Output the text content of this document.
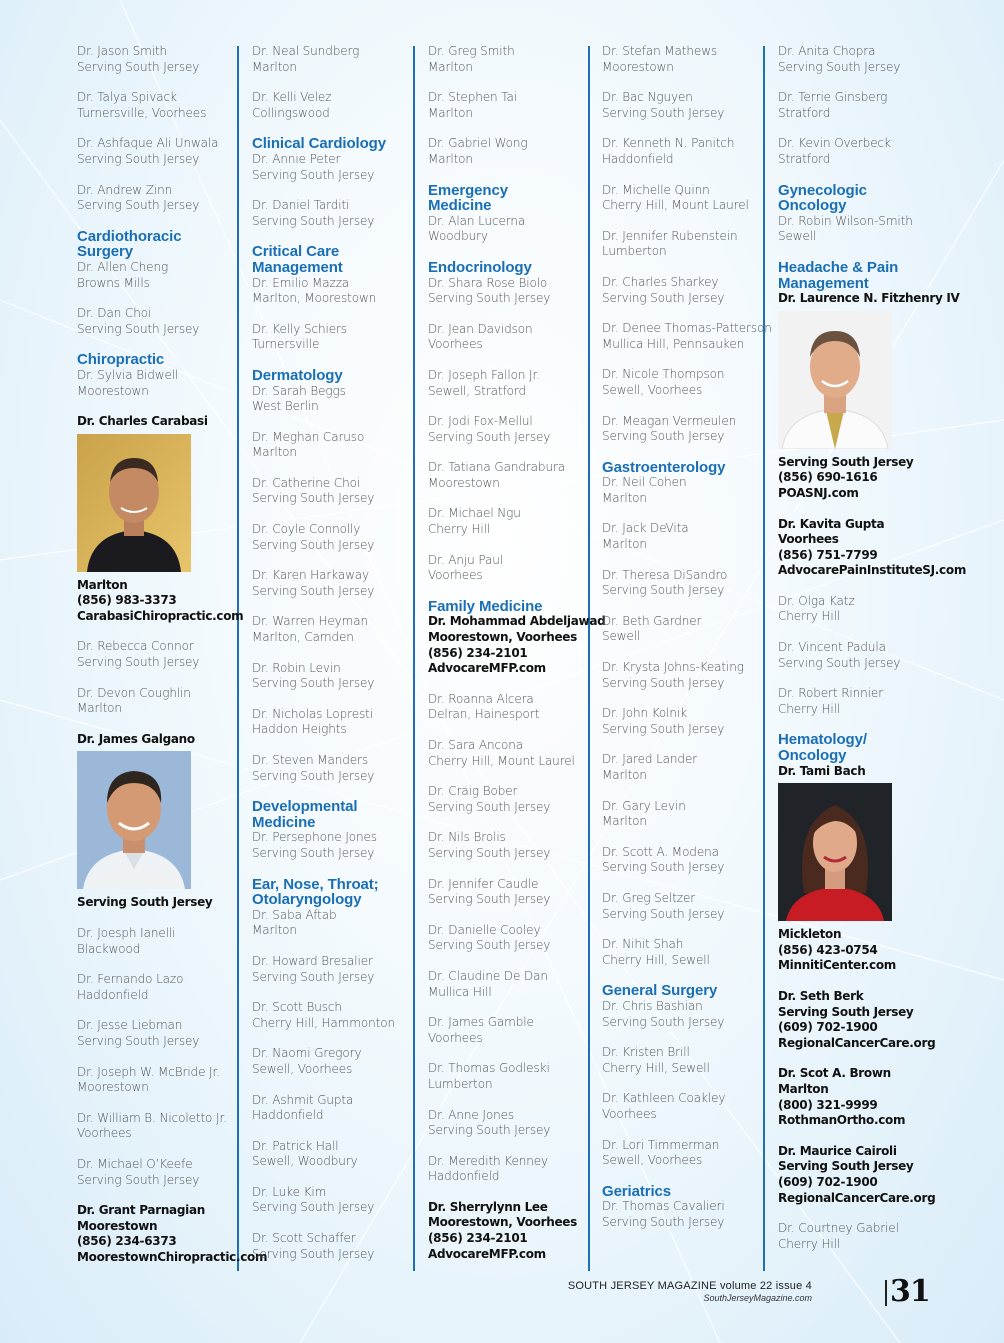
Dr. Jason Smith
Serving South Jersey
Dr. Talya Spivack
Turnersville, Voorhees
Dr. Ashfaque Ali Unwala
Serving South Jersey
Dr. Andrew Zinn
Serving South Jersey
Cardiothoracic
Surgery
Dr. Allen Cheng
Browns Mills
Dr. Dan Choi
Serving South Jersey
Chiropractic
Dr. Sylvia Bidwell
Moorestown
Dr. Charles Carabasi
Marlton
(856) 983-3373
CarabasiChiropractic.com
Dr. Rebecca Connor
Serving South Jersey
Dr. Devon Coughlin
Marlton
Dr. James Galgano
Serving South Jersey
Dr. Joesph Ianelli
Blackwood
Dr. Fernando Lazo
Haddonfield
Dr. Jesse Liebman
Serving South Jersey
Dr. Joseph W. McBride Jr.
Moorestown
Dr. William B. Nicoletto Jr.
Voorhees
Dr. Michael O’Keefe
Serving South Jersey
Dr. Grant Parnagian
Moorestown
(856) 234-6373
MoorestownChiropractic.com
Dr. Neal Sundberg
Marlton
Dr. Kelli Velez
Collingswood
Clinical Cardiology
Dr. Annie Peter
Serving South Jersey
Dr. Daniel Tarditi
Serving South Jersey
Critical Care
Management
Dr. Emilio Mazza
Marlton, Moorestown
Dr. Kelly Schiers
Turnersville
Dermatology
Dr. Sarah Beggs
West Berlin
Dr. Meghan Caruso
Marlton
Dr. Catherine Choi
Serving South Jersey
Dr. Coyle Connolly
Serving South Jersey
Dr. Karen Harkaway
Serving South Jersey
Dr. Warren Heyman
Marlton, Camden
Dr. Robin Levin
Serving South Jersey
Dr. Nicholas Lopresti
Haddon Heights
Dr. Steven Manders
Serving South Jersey
Developmental
Medicine
Dr. Persephone Jones
Serving South Jersey
Ear, Nose, Throat;
Otolaryngology
Dr. Saba Aftab
Marlton
Dr. Howard Bresalier
Serving South Jersey
Dr. Scott Busch
Cherry Hill, Hammonton
Dr. Naomi Gregory
Sewell, Voorhees
Dr. Ashmit Gupta
Haddonfield
Dr. Patrick Hall
Sewell, Woodbury
Dr. Luke Kim
Serving South Jersey
Dr. Scott Schaffer
Serving South Jersey
Dr. Greg Smith
Marlton
Dr. Stephen Tai
Marlton
Dr. Gabriel Wong
Marlton
Emergency
Medicine
Dr. Alan Lucerna
Woodbury
Endocrinology
Dr. Shara Rose Biolo
Serving South Jersey
Dr. Jean Davidson
Voorhees
Dr. Joseph Fallon Jr.
Sewell, Stratford
Dr. Jodi Fox-Mellul
Serving South Jersey
Dr. Tatiana Gandrabura
Moorestown
Dr. Michael Ngu
Cherry Hill
Dr. Anju Paul
Voorhees
Family Medicine
Dr. Mohammad Abdeljawad
Moorestown, Voorhees
(856) 234-2101
AdvocareMFP.com
Dr. Roanna Alcera
Delran, Hainesport
Dr. Sara Ancona
Cherry Hill, Mount Laurel
Dr. Craig Bober
Serving South Jersey
Dr. Nils Brolis
Serving South Jersey
Dr. Jennifer Caudle
Serving South Jersey
Dr. Danielle Cooley
Serving South Jersey
Dr. Claudine De Dan
Mullica Hill
Dr. James Gamble
Voorhees
Dr. Thomas Godleski
Lumberton
Dr. Anne Jones
Serving South Jersey
Dr. Meredith Kenney
Haddonfield
Dr. Sherrylynn Lee
Moorestown, Voorhees
(856) 234-2101
AdvocareMFP.com
Dr. Stefan Mathews
Moorestown
Dr. Bac Nguyen
Serving South Jersey
Dr. Kenneth N. Panitch
Haddonfield
Dr. Michelle Quinn
Cherry Hill, Mount Laurel
Dr. Jennifer Rubenstein
Lumberton
Dr. Charles Sharkey
Serving South Jersey
Dr. Denee Thomas-Patterson
Mullica Hill, Pennsauken
Dr. Nicole Thompson
Sewell, Voorhees
Dr. Meagan Vermeulen
Serving South Jersey
Gastroenterology
Dr. Neil Cohen
Marlton
Dr. Jack DeVita
Marlton
Dr. Theresa DiSandro
Serving South Jersey
Dr. Beth Gardner
Sewell
Dr. Krysta Johns-Keating
Serving South Jersey
Dr. John Kolnik
Serving South Jersey
Dr. Jared Lander
Marlton
Dr. Gary Levin
Marlton
Dr. Scott A. Modena
Serving South Jersey
Dr. Greg Seltzer
Serving South Jersey
Dr. Nihit Shah
Cherry Hill, Sewell
General Surgery
Dr. Chris Bashian
Serving South Jersey
Dr. Kristen Brill
Cherry Hill, Sewell
Dr. Kathleen Coakley
Voorhees
Dr. Lori Timmerman
Sewell, Voorhees
Geriatrics
Dr. Thomas Cavalieri
Serving South Jersey
Dr. Anita Chopra
Serving South Jersey
Dr. Terrie Ginsberg
Stratford
Dr. Kevin Overbeck
Stratford
Gynecologic
Oncology
Dr. Robin Wilson-Smith
Sewell
Headache & Pain
Management
Dr. Laurence N. Fitzhenry IV
Serving South Jersey
(856) 690-1616
POASNJ.com
Dr. Kavita Gupta
Voorhees
(856) 751-7799
AdvocarePainInstituteSJ.com
Dr. Olga Katz
Cherry Hill
Dr. Vincent Padula
Serving South Jersey
Dr. Robert Rinnier
Cherry Hill
Hematology/
Oncology
Dr. Tami Bach
Mickleton
(856) 423-0754
MinnitiCenter.com
Dr. Seth Berk
Serving South Jersey
(609) 702-1900
RegionalCancerCare.org
Dr. Scot A. Brown
Marlton
(800) 321-9999
RothmanOrtho.com
Dr. Maurice Cairoli
Serving South Jersey
(609) 702-1900
RegionalCancerCare.org
Dr. Courtney Gabriel
Cherry Hill
SOUTH JERSEY MAGAZINE volume 22 issue 4
SouthJerseyMagazine.com	31
